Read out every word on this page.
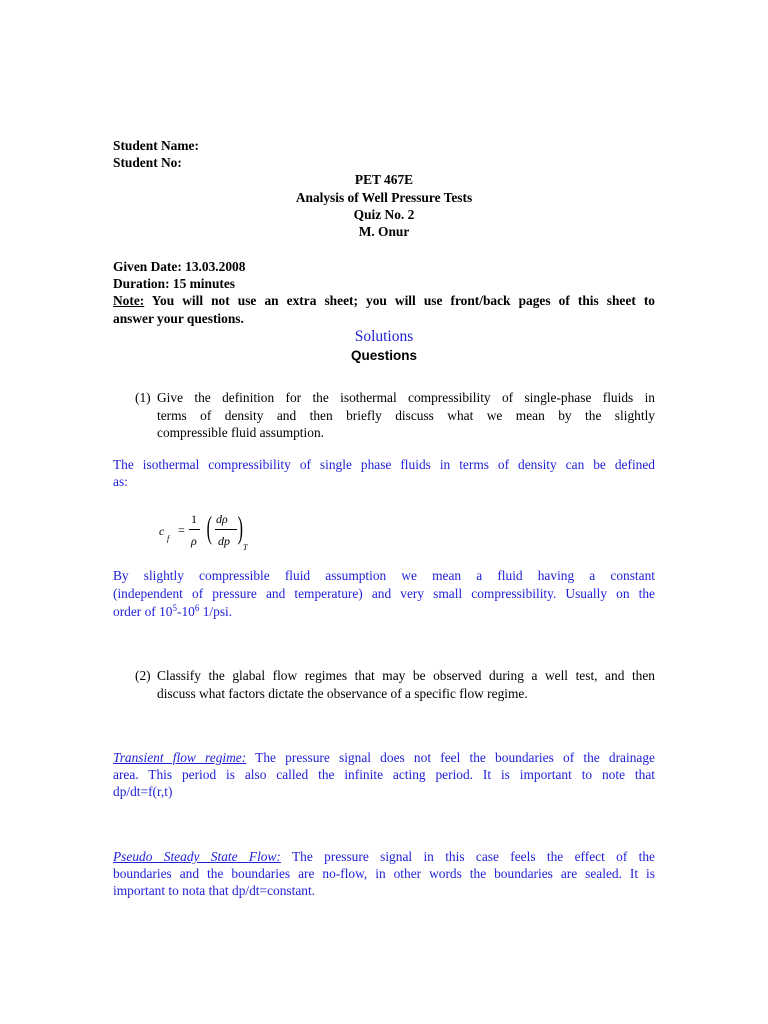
Student Name:
Student No:
PET 467E
Analysis of Well Pressure Tests
Quiz No. 2
M. Onur
Given Date: 13.03.2008
Duration: 15 minutes
Note: You will not use an extra sheet; you will use front/back pages of this sheet to
answer your questions.
Solutions
Questions
(1) Give the definition for the isothermal compressibility of single-phase fluids in
terms of density and then briefly discuss what we mean by the slightly
compressible fluid assumption.
The isothermal compressibility of single phase fluids in terms of density can be defined
as:
c
f
=
1
ρ ( dρ
dp )
T
By slightly compressible fluid assumption we mean a fluid having a constant
(independent of pressure and temperature) and very small compressibility. Usually on the
order of $10^5-10^6$ 1/psi.
(2) Classify the glabal flow regimes that may be observed during a well test, and then
discuss what factors dictate the observance of a specific flow regime.
Transient flow regime: The pressure signal does not feel the boundaries of the drainage
area. This period is also called the infinite acting period. It is important to note that
dp/dt=f(r,t)
Pseudo Steady State Flow: The pressure signal in this case feels the effect of the
boundaries and the boundaries are no-flow, in other words the boundaries are sealed. It is
important to nota that dp/dt=constant.
